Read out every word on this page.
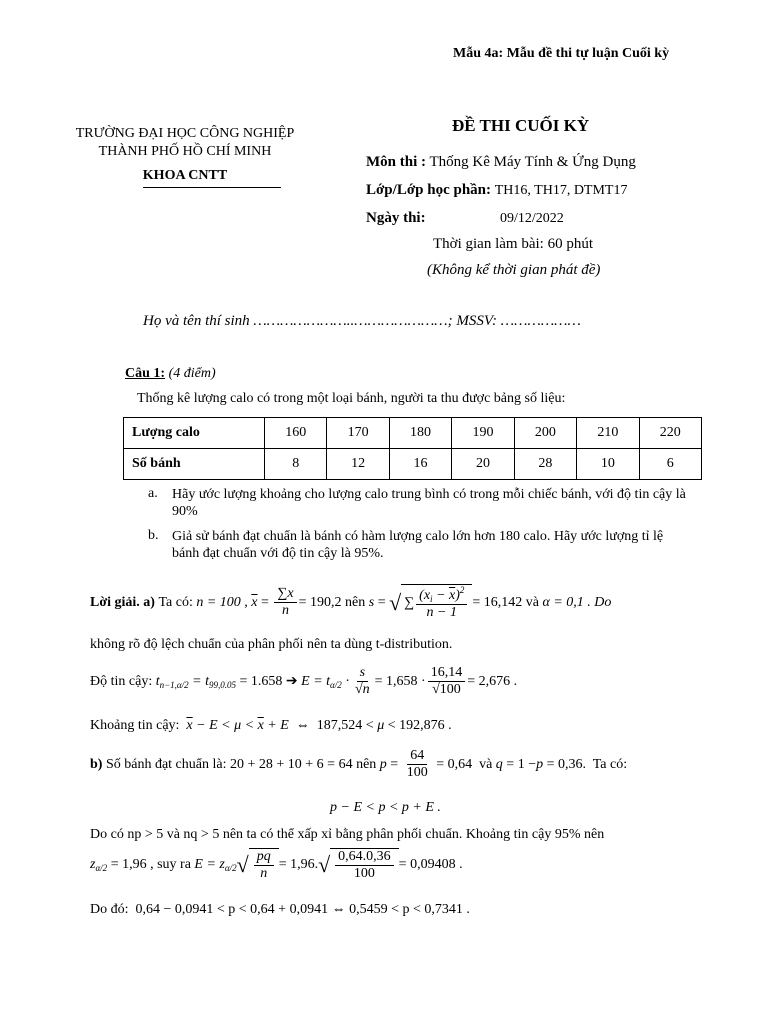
Mẫu 4a: Mẫu đề thi tự luận Cuối kỳ
TRƯỜNG ĐẠI HỌC CÔNG NGHIỆP
THÀNH PHỐ HỒ CHÍ MINH
KHOA CNTT
ĐỀ THI CUỐI KỲ
Môn thi : Thống Kê Máy Tính & Ứng Dụng
Lớp/Lớp học phần: TH16, TH17, DTMT17
Ngày thi:	09/12/2022
Thời gian làm bài: 60 phút
(Không kể thời gian phát đề)
Họ và tên thí sinh …………………..…………………; MSSV: ………………
Câu 1: (4 điểm)
Thống kê lượng calo có trong một loại bánh, người ta thu được bảng số liệu:
Lượng calo	160	170	180	190	200	210	220
Số bánh	8	12	16	20	28	10	6
a. Hãy ước lượng khoảng cho lượng calo trung bình có trong mỗi chiếc bánh, với độ tin cậy là 90%
b. Giả sử bánh đạt chuẩn là bánh có hàm lượng calo lớn hơn 180 calo. Hãy ước lượng tỉ lệ bánh đạt chuẩn với độ tin cậy là 95%.
Lời giải.
a)
Ta có:
n = 100 ,
$\overline{x} = \frac{\sum x}{n} = 190,2$ nên
s = √ ∑ $\frac{(x_i - \overline{x})^2}{n - 1} = 16,142$ và
α = 0,1 . Do
không rõ độ lệch chuẩn của phân phối nên ta dùng t-distribution.
Độ tin cậy:
$t_{n-1,\alpha/2} = t_{99,0.05} = 1.658$ ➔ $E = t_{\alpha/2} \cdot \frac{s}{√n} = 1,658 \cdot \frac{16,14}{√100} = 2,676$ .
Khoảng tin cậy: $\overline{x} - E < \mu < \overline{x} + E$  ⇔  187,524 < μ < 192,876 .
b)
Số bánh đạt chuẩn là:
20 + 28 + 10 + 6 = 64 nên
$p = \frac{64}{100} = 0,64$  và q = 1 − p = 0,36.  Ta có:
p − E < p < p + E .
Do có np > 5 và nq > 5 nên ta có thể xấp xỉ bằng phân phối chuẩn. Khoảng tin cậy 95% nên
$z_{\alpha/2} = 1,96$ , suy ra $E = z_{\alpha/2}$ √ $\frac{pq}{n} = 1,96$. √ $\frac{0,64.0,36}{100} = 0,09408$ .
Do đó: 0,64 − 0,0941 < p < 0,64 + 0,0941 ⇔ 0,5459 < p < 0,7341 .
